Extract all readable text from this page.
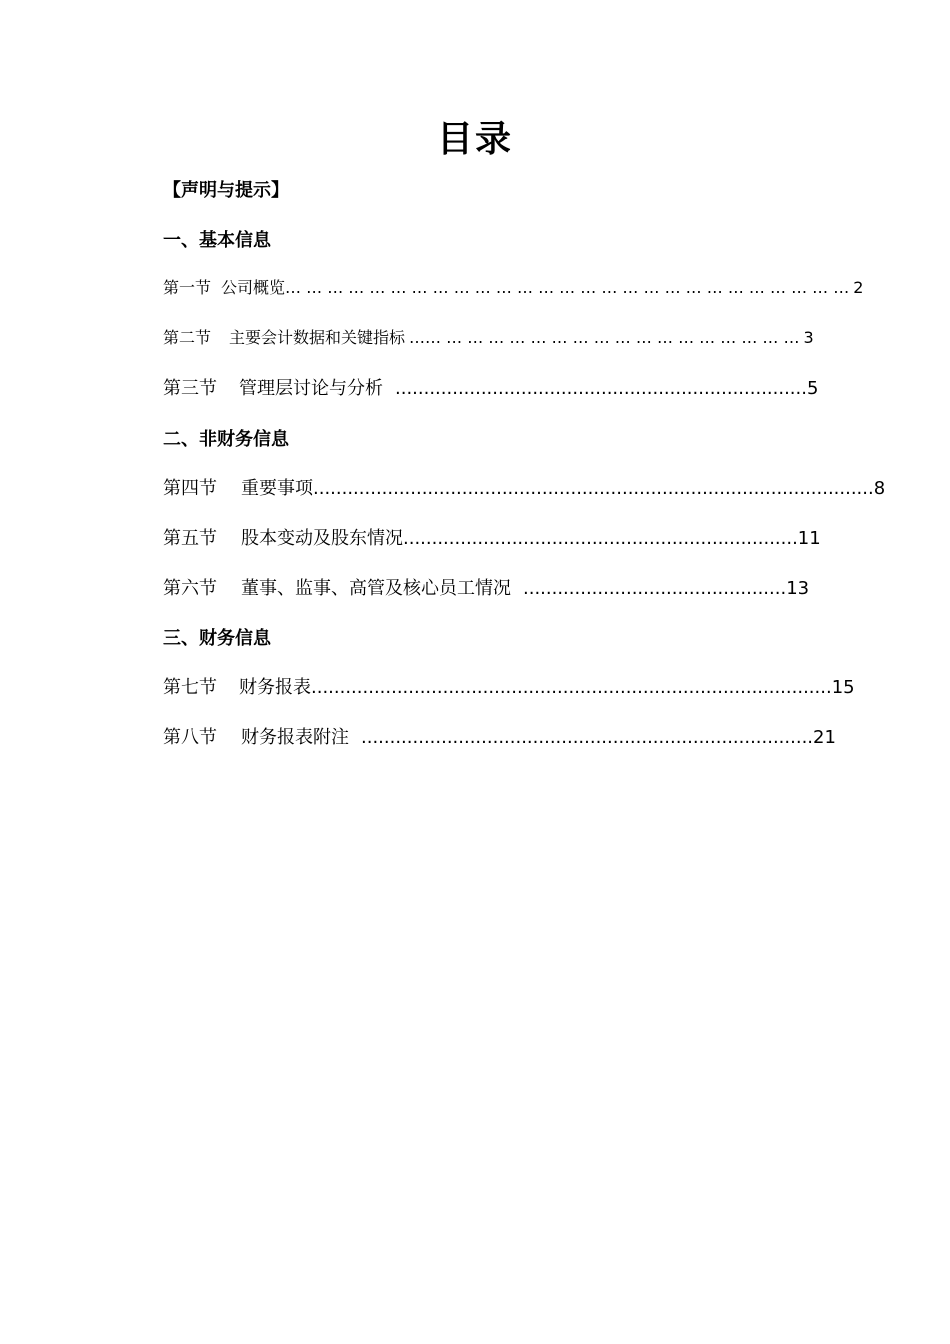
目录
【声明与提示】
一、基本信息
第一节 公司概览 … … … … … … … … … … … … … … … … … … … … … … … … … … … 2
第二节 主要会计数据和关键指标 …… … … … … … … … … … … … … … … … … … 3
第三节 管理层讨论与分析 ........................................................................ 5
二、非财务信息
第四节 重要事项 .................................................................................................. 8
第五节 股本变动及股东情况 ..................................................................... 11
第六节 董事、监事、高管及核心员工情况 .............................................. 13
三、财务信息
第七节 财务报表 ........................................................................................... 15
第八节 财务报表附注 ............................................................................... 21
